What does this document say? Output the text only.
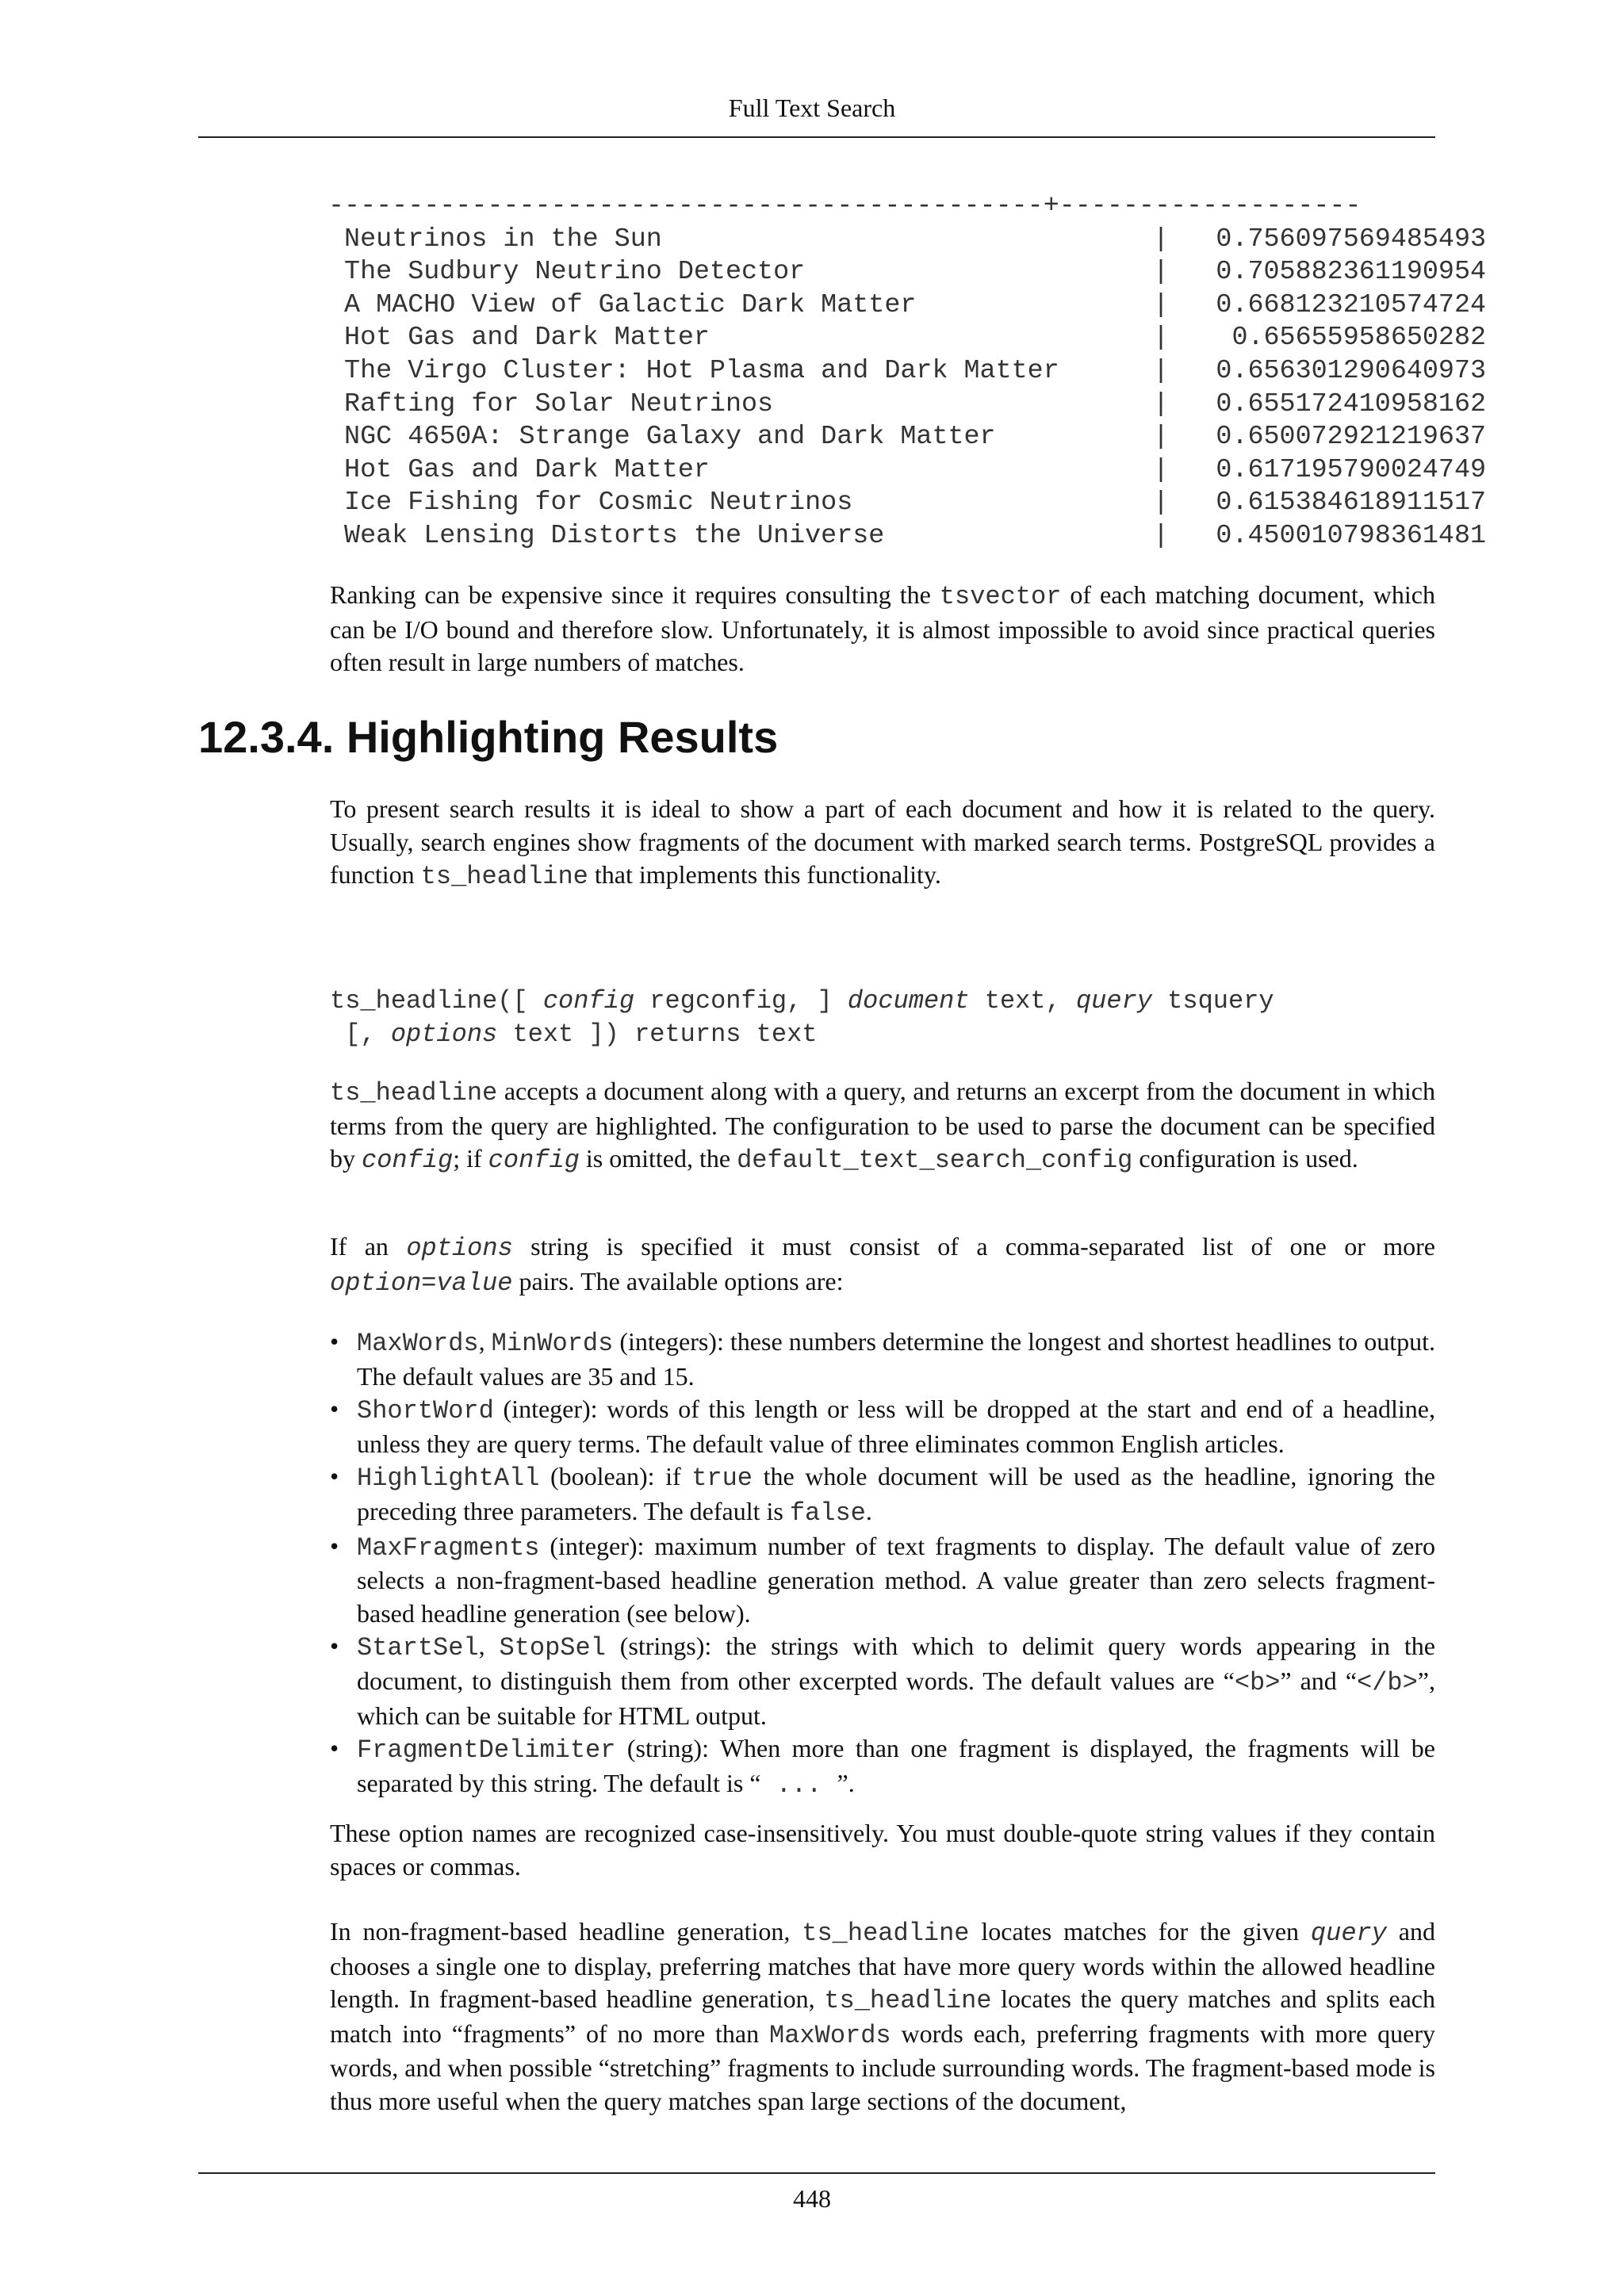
Full Text Search
---------------------------------------------+-------------------
Neutrinos in the Sun	| 0.756097569485493
The Sudbury Neutrino Detector	| 0.705882361190954
A MACHO View of Galactic Dark Matter	| 0.668123210574724
Hot Gas and Dark Matter	| 0.65655958650282
The Virgo Cluster: Hot Plasma and Dark Matter	| 0.656301290640973
Rafting for Solar Neutrinos	| 0.655172410958162
NGC 4650A: Strange Galaxy and Dark Matter	| 0.650072921219637
Hot Gas and Dark Matter	| 0.617195790024749
Ice Fishing for Cosmic Neutrinos	| 0.615384618911517
Weak Lensing Distorts the Universe	| 0.450010798361481

Ranking can be expensive since it requires consulting the tsvector of each matching document, which can be I/O bound and therefore slow. Unfortunately, it is almost impossible to avoid since practical queries often result in large numbers of matches.

12.3.4. Highlighting Results

To present search results it is ideal to show a part of each document and how it is related to the query. Usually, search engines show fragments of the document with marked search terms. PostgreSQL provides a function ts_headline that implements this functionality.

ts_headline([ config regconfig, ] document text, query tsquery
[, options text ]) returns text

ts_headline accepts a document along with a query, and returns an excerpt from the document in which terms from the query are highlighted. The configuration to be used to parse the document can be specified by config; if config is omitted, the default_text_search_config configuration is used.

If an options string is specified it must consist of a comma-separated list of one or more option=value pairs. The available options are:

• MaxWords, MinWords (integers): these numbers determine the longest and shortest headlines to output. The default values are 35 and 15.
• ShortWord (integer): words of this length or less will be dropped at the start and end of a headline, unless they are query terms. The default value of three eliminates common English articles.
• HighlightAll (boolean): if true the whole document will be used as the headline, ignoring the preceding three parameters. The default is false.
• MaxFragments (integer): maximum number of text fragments to display. The default value of zero selects a non-fragment-based headline generation method. A value greater than zero selects fragment-based headline generation (see below).
• StartSel, StopSel (strings): the strings with which to delimit query words appearing in the document, to distinguish them from other excerpted words. The default values are “<b>” and “</b>”, which can be suitable for HTML output.
• FragmentDelimiter (string): When more than one fragment is displayed, the fragments will be separated by this string. The default is “ ... ”.

These option names are recognized case-insensitively. You must double-quote string values if they contain spaces or commas.

In non-fragment-based headline generation, ts_headline locates matches for the given query and chooses a single one to display, preferring matches that have more query words within the allowed headline length. In fragment-based headline generation, ts_headline locates the query matches and splits each match into “fragments” of no more than MaxWords words each, preferring fragments with more query words, and when possible “stretching” fragments to include surrounding words. The fragment-based mode is thus more useful when the query matches span large sections of the document,

448
